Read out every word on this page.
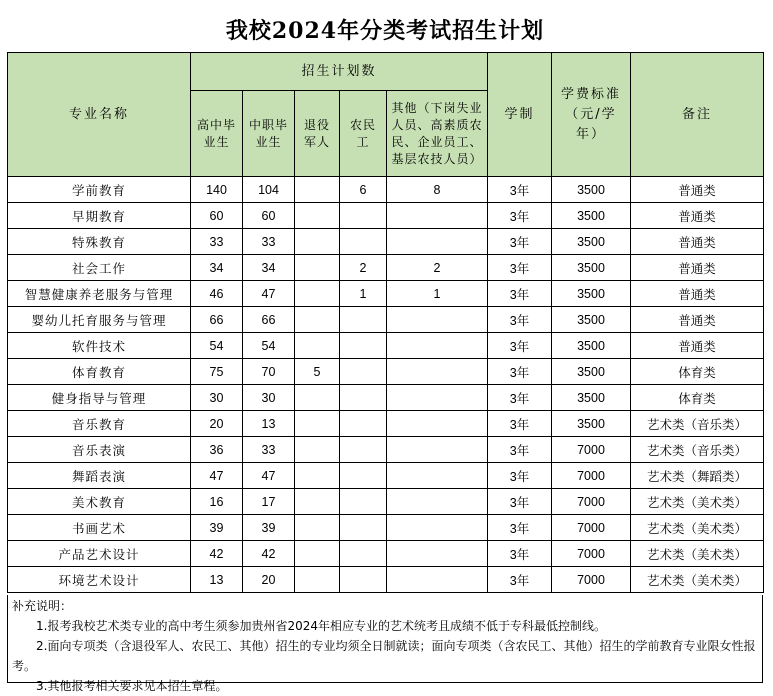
我校2024年分类考试招生计划
专业名称	招生计划数					学制	学费标准（元/学年）	备注
	高中毕业生	中职毕业生	退役军人	农民工	其他（下岗失业人员、高素质农民、企业员工、基层农技人员）			
学前教育	140	104		6	8	3年	3500	普通类
早期教育	60	60				3年	3500	普通类
特殊教育	33	33				3年	3500	普通类
社会工作	34	34		2	2	3年	3500	普通类
智慧健康养老服务与管理	46	47		1	1	3年	3500	普通类
婴幼儿托育服务与管理	66	66				3年	3500	普通类
软件技术	54	54				3年	3500	普通类
体育教育	75	70	5			3年	3500	体育类
健身指导与管理	30	30				3年	3500	体育类
音乐教育	20	13				3年	3500	艺术类（音乐类）
音乐表演	36	33				3年	7000	艺术类（音乐类）
舞蹈表演	47	47				3年	7000	艺术类（舞蹈类）
美术教育	16	17				3年	7000	艺术类（美术类）
书画艺术	39	39				3年	7000	艺术类（美术类）
产品艺术设计	42	42				3年	7000	艺术类（美术类）
环境艺术设计	13	20				3年	7000	艺术类（美术类）
补充说明：
1.报考我校艺术类专业的高中考生须参加贵州省2024年相应专业的艺术统考且成绩不低于专科最低控制线。
2.面向专项类（含退役军人、农民工、其他）招生的专业均须全日制就读；面向专项类（含农民工、其他）招生的学前教育专业限女性报考。
3.其他报考相关要求见本招生章程。
